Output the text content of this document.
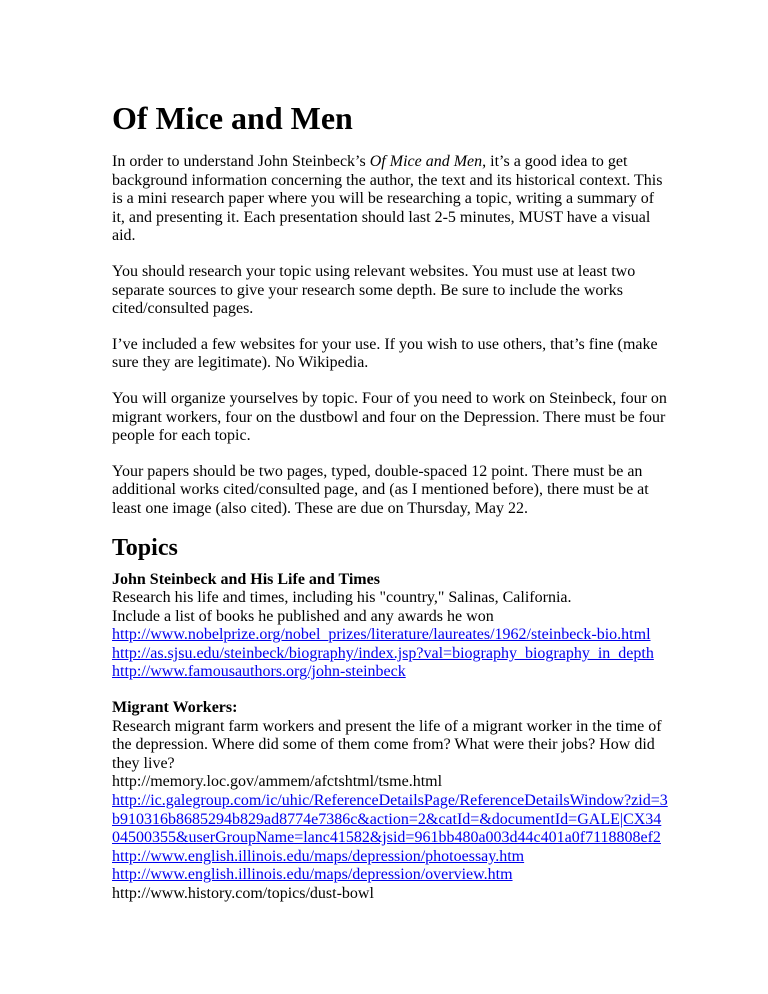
Of Mice and Men

In order to understand John Steinbeck’s Of Mice and Men, it’s a good idea to get background information concerning the author, the text and its historical context. This is a mini research paper where you will be researching a topic, writing a summary of it, and presenting it. Each presentation should last 2-5 minutes, MUST have a visual aid.

You should research your topic using relevant websites. You must use at least two separate sources to give your research some depth. Be sure to include the works cited/consulted pages.

I’ve included a few websites for your use. If you wish to use others, that’s fine (make sure they are legitimate). No Wikipedia.

You will organize yourselves by topic. Four of you need to work on Steinbeck, four on migrant workers, four on the dustbowl and four on the Depression. There must be four people for each topic.

Your papers should be two pages, typed, double-spaced 12 point. There must be an additional works cited/consulted page, and (as I mentioned before), there must be at least one image (also cited). These are due on Thursday, May 22.

Topics
John Steinbeck and His Life and Times
Research his life and times, including his "country," Salinas, California.
Include a list of books he published and any awards he won
http://www.nobelprize.org/nobel_prizes/literature/laureates/1962/steinbeck-bio.html
http://as.sjsu.edu/steinbeck/biography/index.jsp?val=biography_biography_in_depth
http://www.famousauthors.org/john-steinbeck
Migrant Workers:
Research migrant farm workers and present the life of a migrant worker in the time of the depression. Where did some of them come from? What were their jobs? How did they live?
http://memory.loc.gov/ammem/afctshtml/tsme.html
http://ic.galegroup.com/ic/uhic/ReferenceDetailsPage/ReferenceDetailsWindow?zid=3b910316b8685294b829ad8774e7386c&action=2&catId=&documentId=GALE|CX3404500355&userGroupName=lanc41582&jsid=961bb480a003d44c401a0f7118808ef2
http://www.english.illinois.edu/maps/depression/photoessay.htm
http://www.english.illinois.edu/maps/depression/overview.htm
http://www.history.com/topics/dust-bowl
